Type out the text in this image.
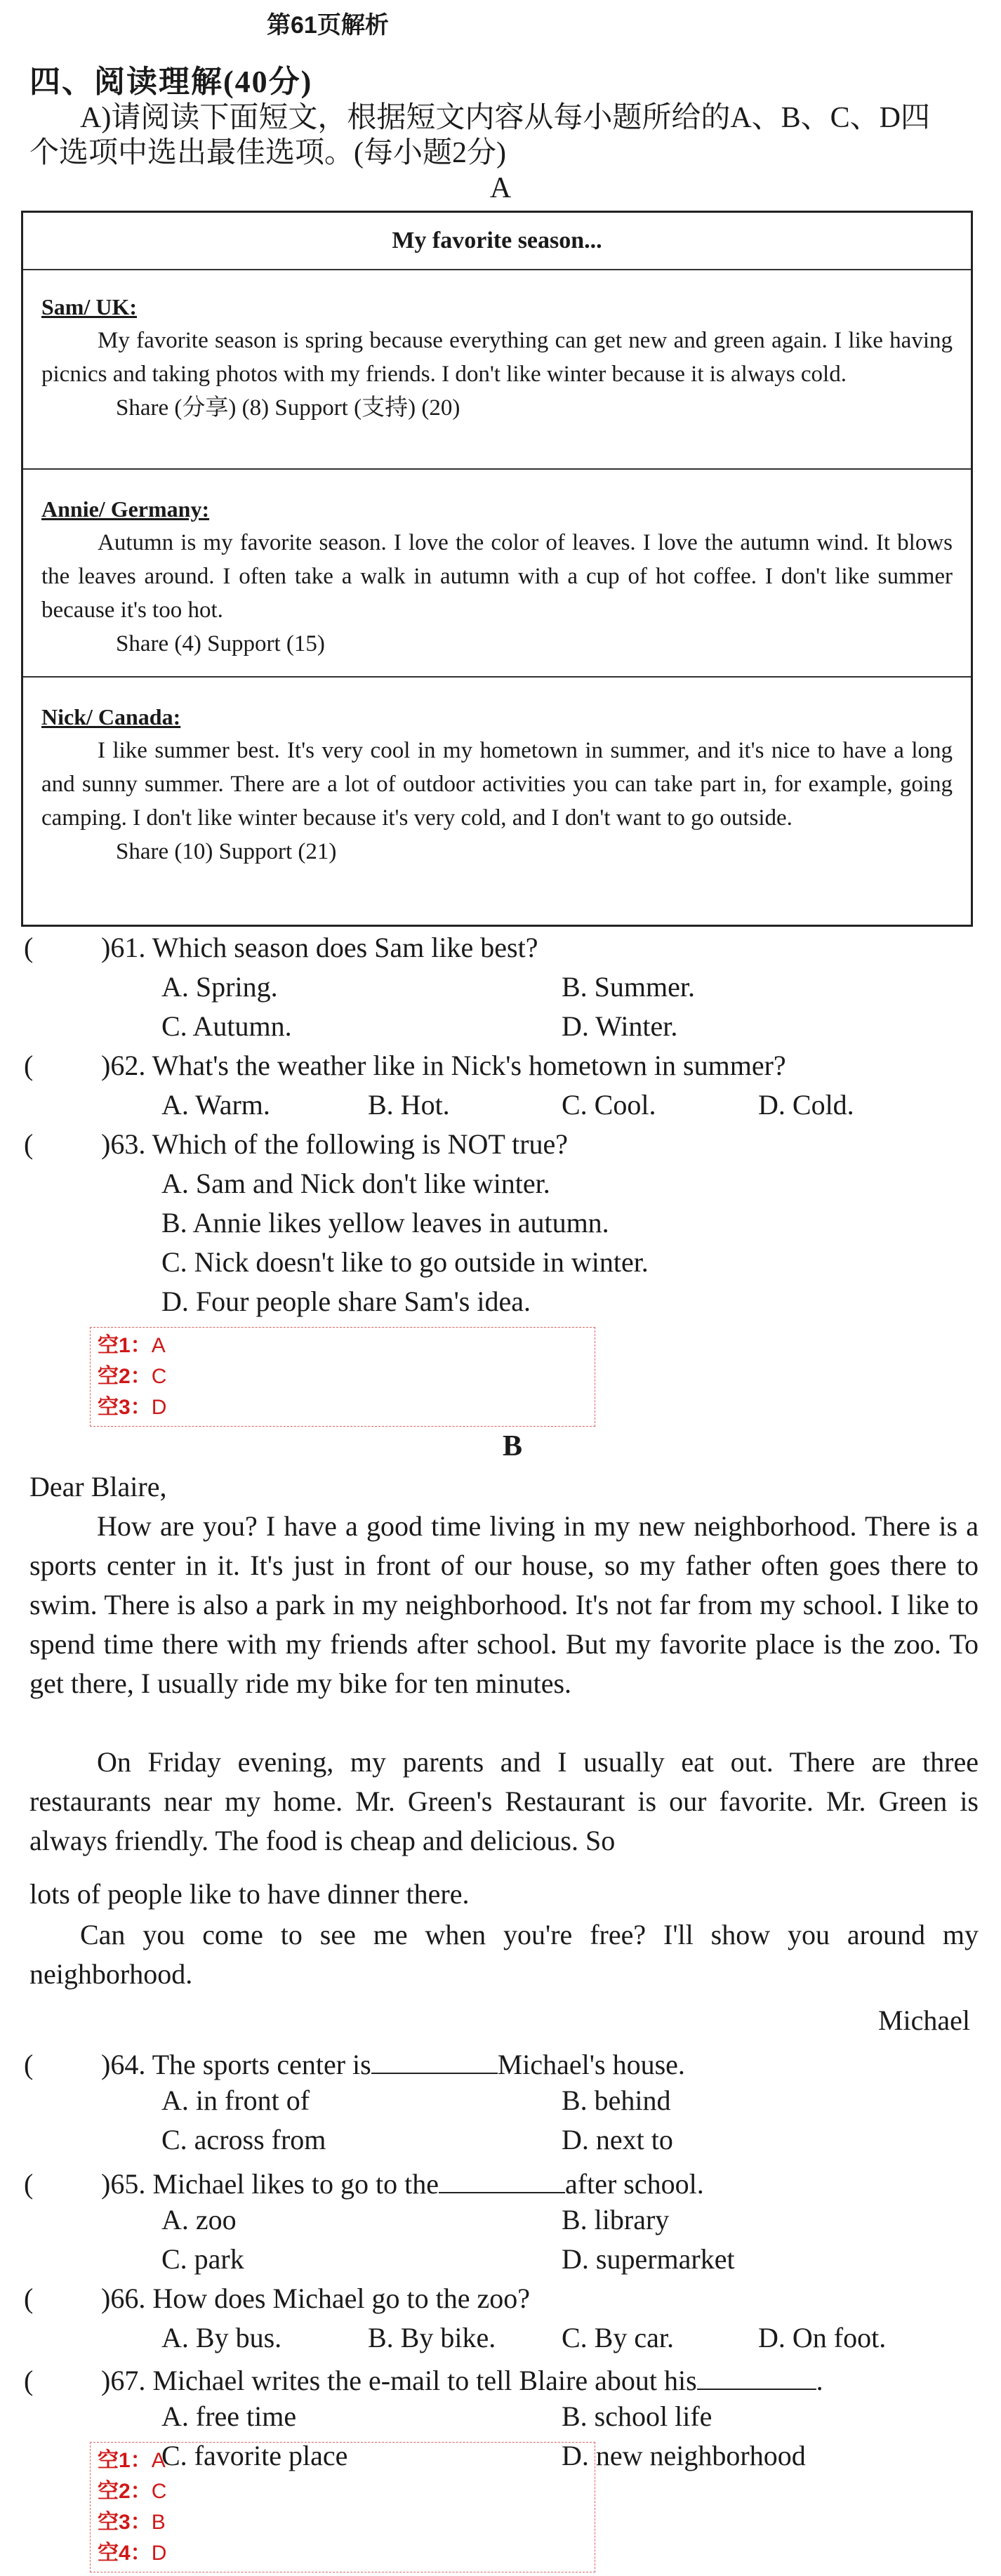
第61页解析
四、阅读理解(40分)
A)请阅读下面短文，根据短文内容从每小题所给的A、B、C、D四
个选项中选出最佳选项。(每小题2分)
A
My favorite season...
Sam/ UK:
My favorite season is spring because everything can get new and green again. I like having picnics and taking photos with my friends. I don't like winter because it is always cold.
Share (分享) (8) Support (支持) (20)
Annie/ Germany:
Autumn is my favorite season. I love the color of leaves. I love the autumn wind. It blows the leaves around. I often take a walk in autumn with a cup of hot coffee. I don't like summer because it's too hot.
Share (4) Support (15)
Nick/ Canada:
I like summer best. It's very cool in my hometown in summer, and it's nice to have a long and sunny summer. There are a lot of outdoor activities you can take part in, for example, going camping. I don't like winter because it's very cold, and I don't want to go outside.
Share (10) Support (21)
(	)61. Which season does Sam like best?
A. Spring.	B. Summer.
C. Autumn.	D. Winter.
(	)62. What's the weather like in Nick's hometown in summer?
A. Warm.	B. Hot.	C. Cool.	D. Cold.
(	)63. Which of the following is NOT true?
A. Sam and Nick don't like winter.
B. Annie likes yellow leaves in autumn.
C. Nick doesn't like to go outside in winter.
D. Four people share Sam's idea.
空1：A
空2：C
空3：D
B
Dear Blaire,
How are you? I have a good time living in my new neighborhood. There is a sports center in it. It's just in front of our house, so my father often goes there to swim. There is also a park in my neighborhood. It's not far from my school. I like to spend time there with my friends after school. But my favorite place is the zoo. To get there, I usually ride my bike for ten minutes.
On Friday evening, my parents and I usually eat out. There are three restaurants near my home. Mr. Green's Restaurant is our favorite. Mr. Green is always friendly. The food is cheap and delicious. So
lots of people like to have dinner there.
Can you come to see me when you're free? I'll show you around my neighborhood.
Michael
(	)64. The sports center is	Michael's house.
A. in front of	B. behind
C. across from	D. next to
(	)65. Michael likes to go to the	after school.
A. zoo	B. library
C. park	D. supermarket
(	)66. How does Michael go to the zoo?
A. By bus.	B. By bike. C. By car.	D. On foot.
(	)67. Michael writes the e-mail to tell Blaire about his	.
A. free time	B. school life
C. favorite place	D. new neighborhood
空1：A
空2：C
空3：B
空4：D
